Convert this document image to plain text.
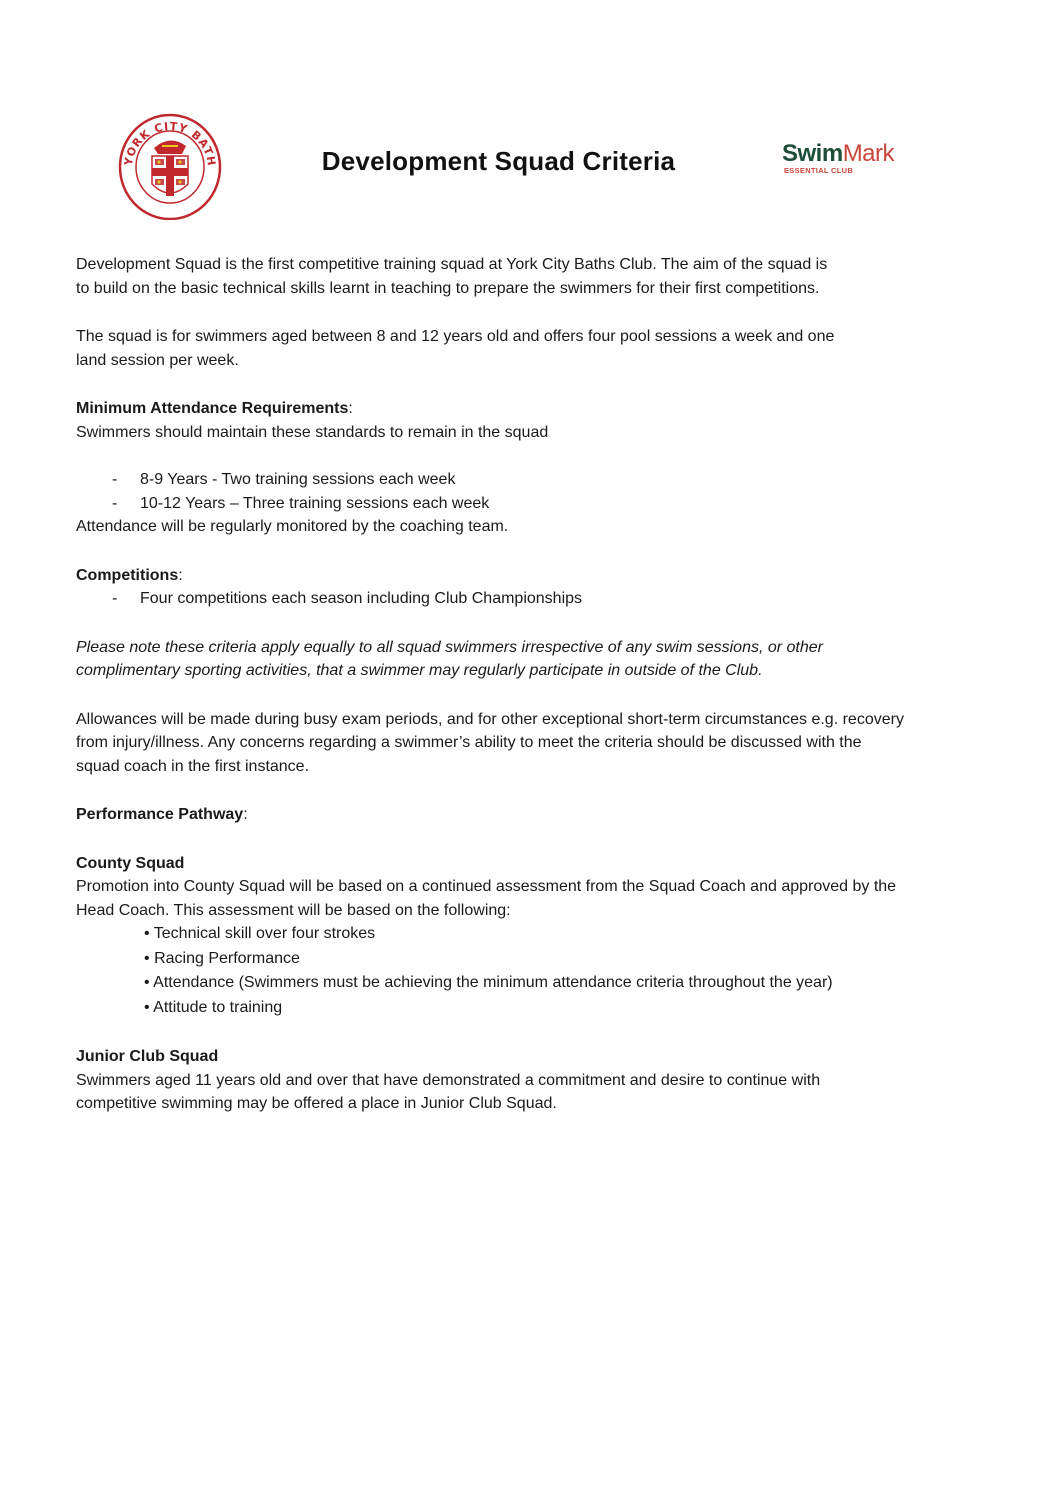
YORK CITY BATH	Development Squad Criteria	SwimMark
ESSENTIAL CLUB

Development Squad is the first competitive training squad at York City Baths Club. The aim of the squad is
to build on the basic technical skills learnt in teaching to prepare the swimmers for their first competitions.

The squad is for swimmers aged between 8 and 12 years old and offers four pool sessions a week and one
land session per week.

Minimum Attendance Requirements:

Swimmers should maintain these standards to remain in the squad

- 8-9 Years - Two training sessions each week
- 10-12 Years – Three training sessions each week

Attendance will be regularly monitored by the coaching team.

Competitions:

- Four competitions each season including Club Championships

Please note these criteria apply equally to all squad swimmers irrespective of any swim sessions, or other
complimentary sporting activities, that a swimmer may regularly participate in outside of the Club.

Allowances will be made during busy exam periods, and for other exceptional short-term circumstances e.g. recovery
from injury/illness. Any concerns regarding a swimmer’s ability to meet the criteria should be discussed with the
squad coach in the first instance.

Performance Pathway:

County Squad

Promotion into County Squad will be based on a continued assessment from the Squad Coach and approved by the
Head Coach. This assessment will be based on the following:

• Technical skill over four strokes
• Racing Performance
• Attendance (Swimmers must be achieving the minimum attendance criteria throughout the year)
• Attitude to training

Junior Club Squad

Swimmers aged 11 years old and over that have demonstrated a commitment and desire to continue with
competitive swimming may be offered a place in Junior Club Squad.
